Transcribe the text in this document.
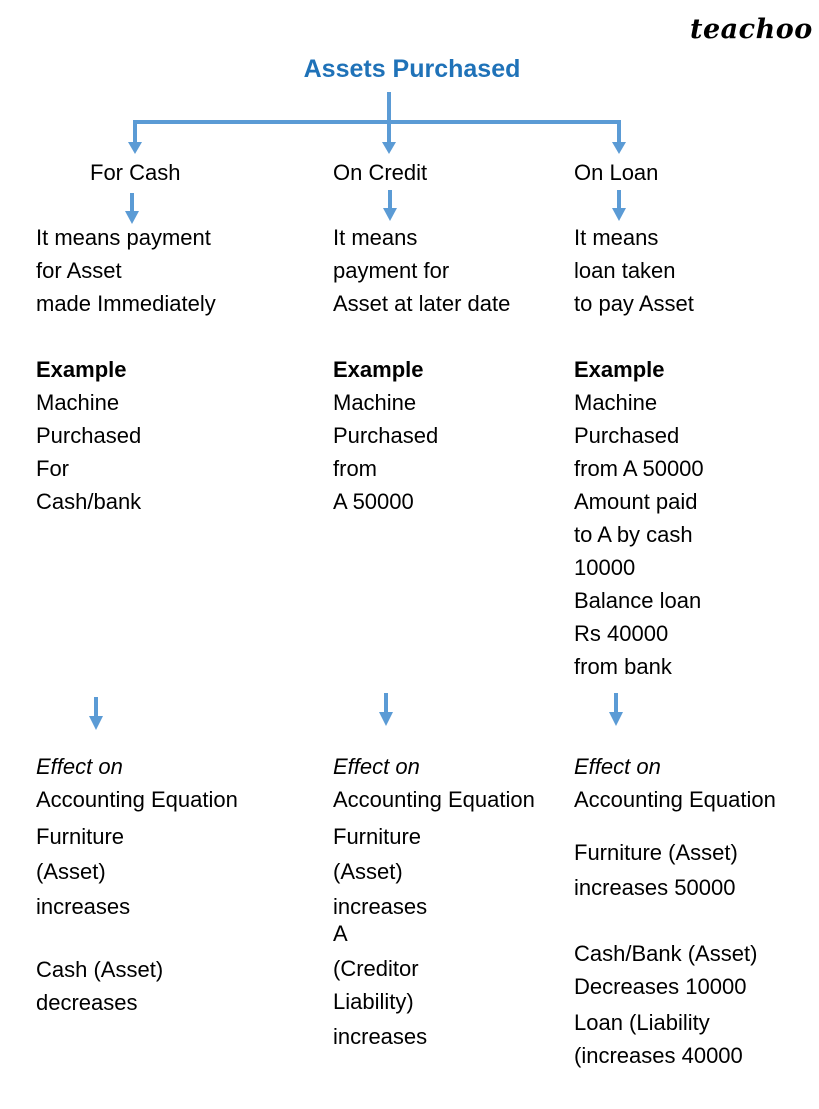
teachoo
Assets Purchased
For Cash
It means payment
for Asset
made Immediately
Example
Machine
Purchased
For
Cash/bank
Effect on
Accounting Equation
Furniture
(Asset)
increases
Cash (Asset)
decreases
On Credit
It means
payment for
Asset at later date
Example
Machine
Purchased
from
A 50000
Effect on
Accounting Equation
Furniture
(Asset)
increases
A
(Creditor
Liability)
increases
On Loan
It means
loan taken
to pay Asset
Example
Machine
Purchased
from A 50000
Amount paid
to A by cash
10000
Balance loan
Rs 40000
from bank
Effect on
Accounting Equation
Furniture (Asset)
increases 50000
Cash/Bank (Asset)
Decreases 10000
Loan (Liability
(increases 40000
